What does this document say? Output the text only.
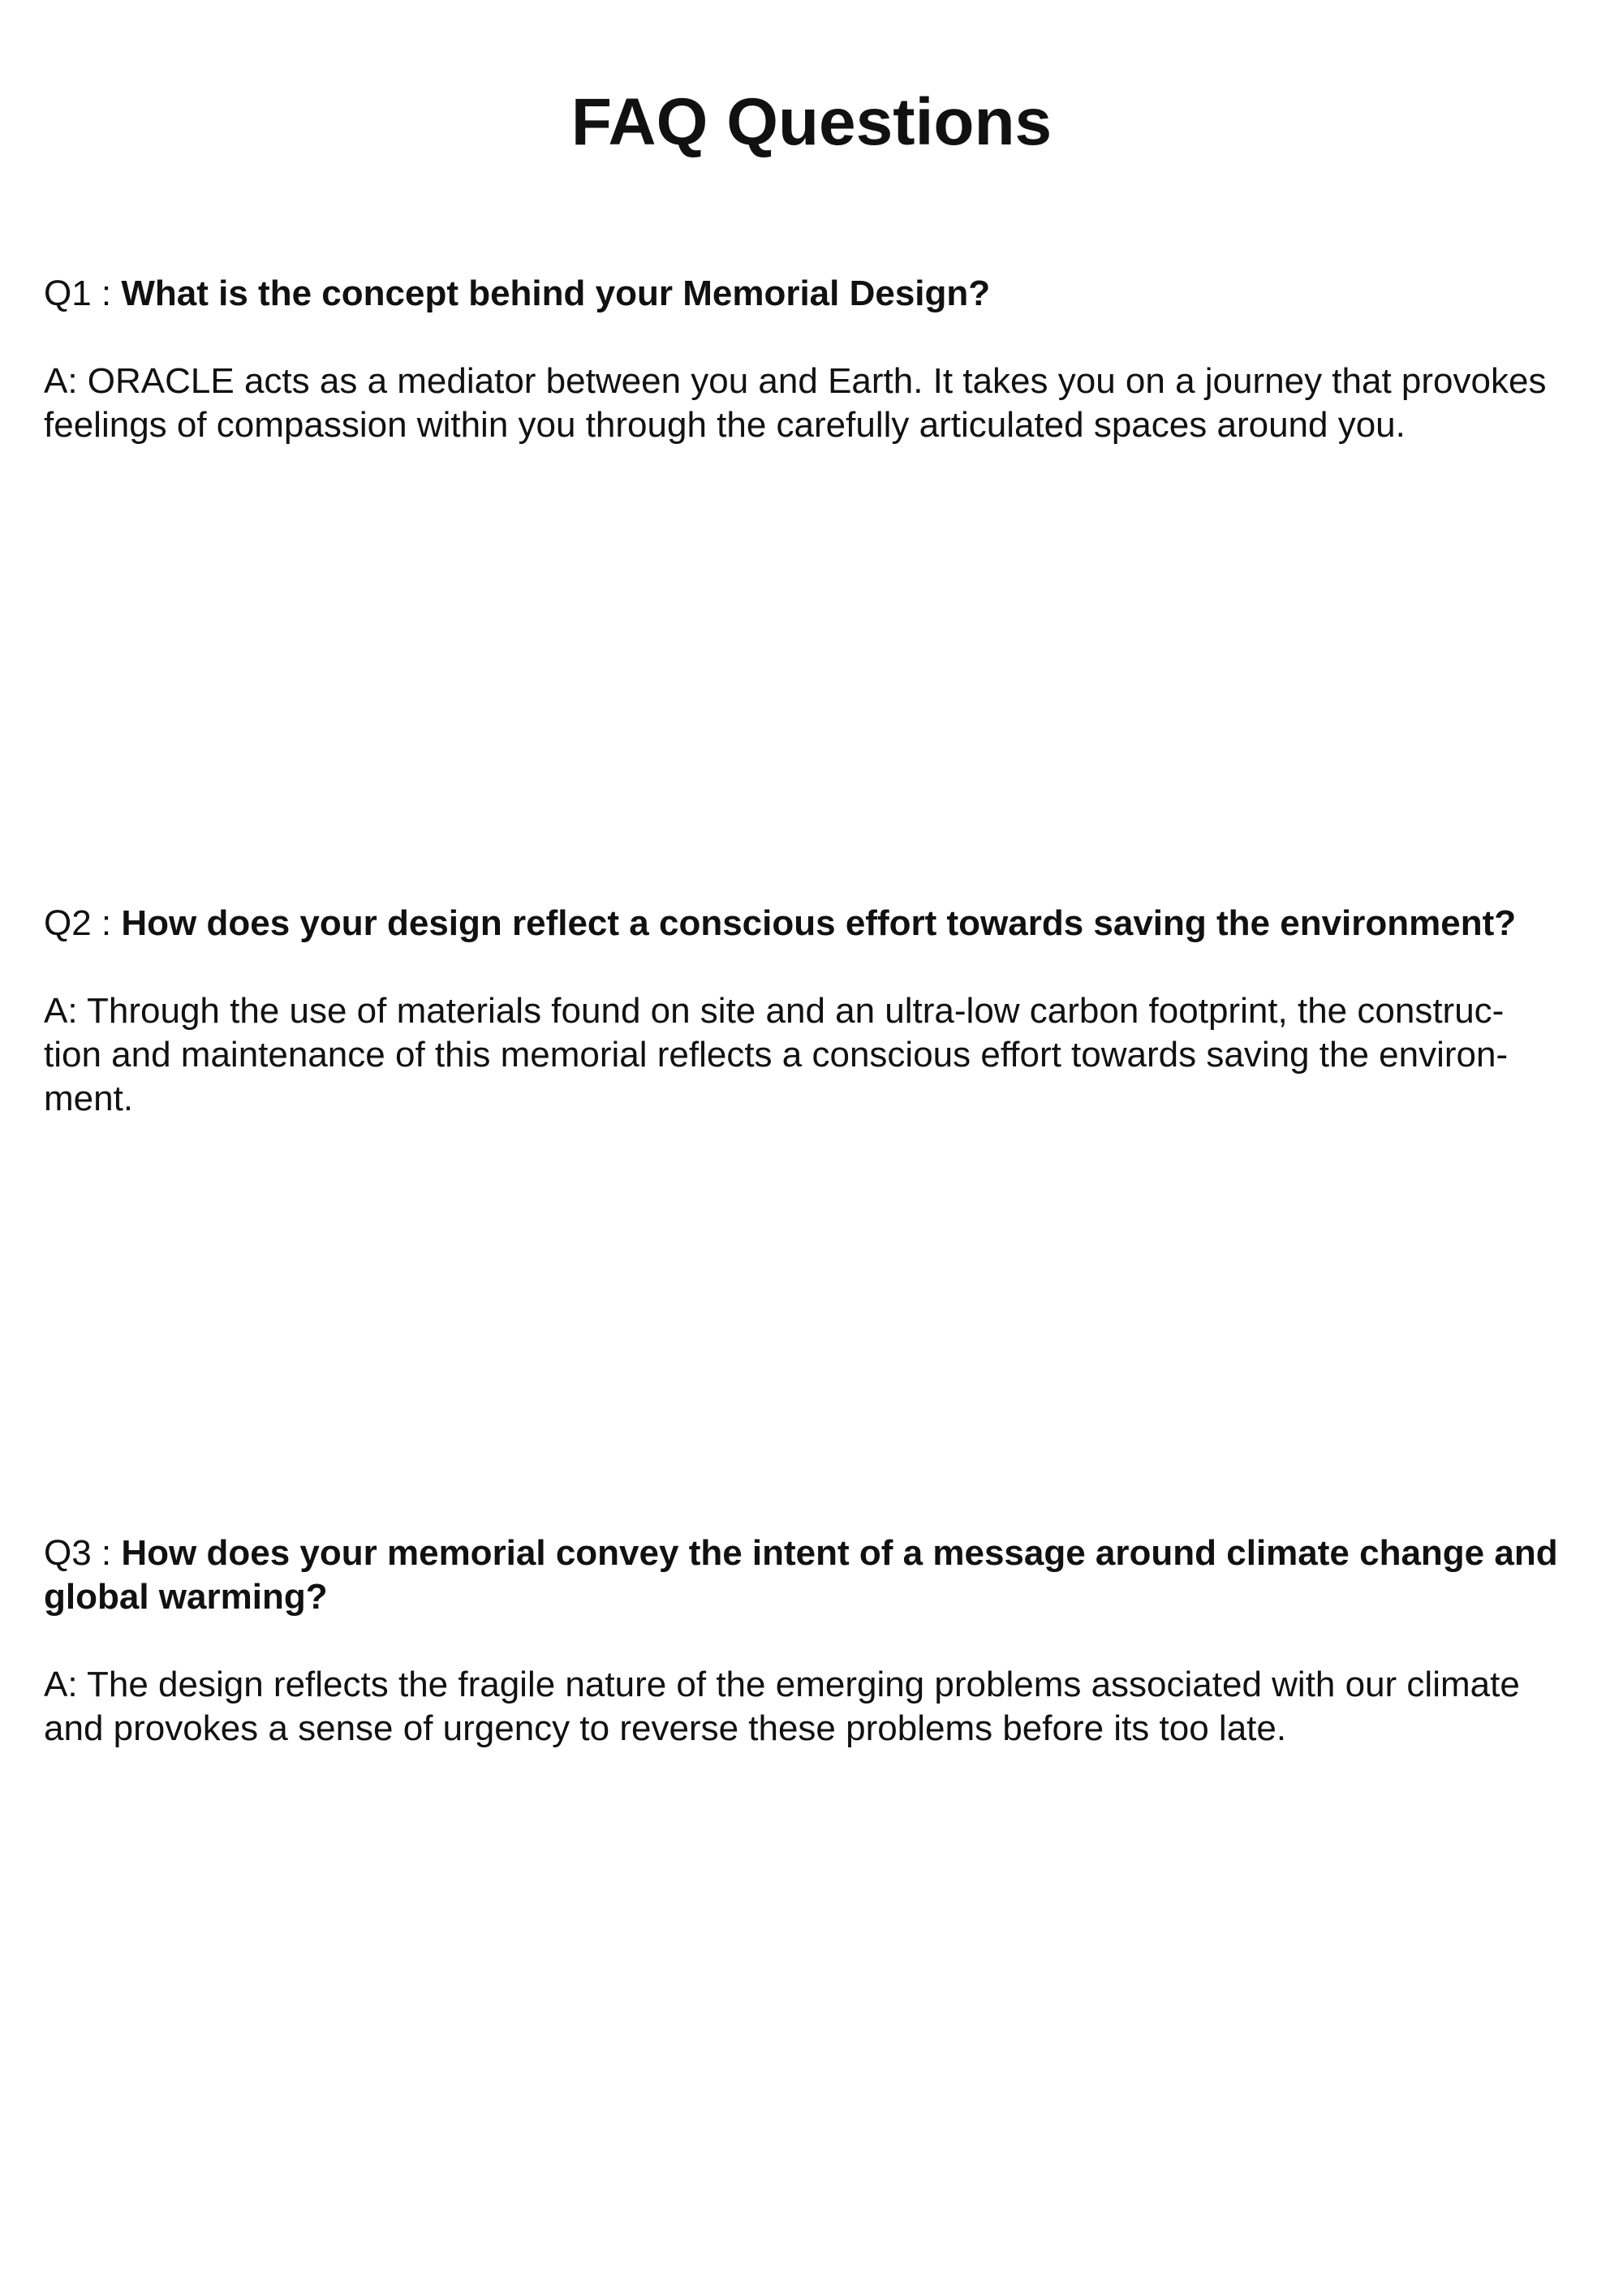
FAQ Questions

Q1 : What is the concept behind your Memorial Design?

A: ORACLE acts as a mediator between you and Earth. It takes you on a journey that provokes
feelings of compassion within you through the carefully articulated spaces around you.

Q2 : How does your design reflect a conscious effort towards saving the environment?

A: Through the use of materials found on site and an ultra-low carbon footprint, the construc-
tion and maintenance of this memorial reflects a conscious effort towards saving the environ-
ment.

Q3 : How does your memorial convey the intent of a message around climate change and global warming?

A: The design reflects the fragile nature of the emerging problems associated with our climate
and provokes a sense of urgency to reverse these problems before its too late.
